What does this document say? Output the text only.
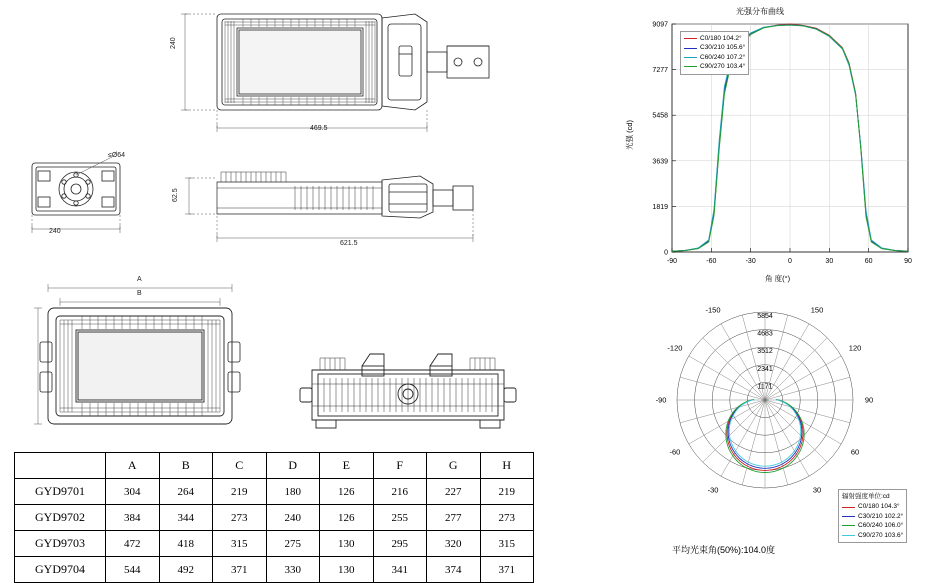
240
469.5
≤Ø64
240
62.5
621.5
A
B
	A	B	C	D	E	F	G	H
GYD9701	304	264	219	180	126	216	227	219
GYD9702	384	344	273	240	126	255	277	273
GYD9703	472	418	315	275	130	295	320	315
GYD9704	544	492	371	330	130	341	374	371
光强分布曲线
0
1819
3639
5458
7277
9097
-90	-60	-30	0	30	60	90
光强 (cd)
角 度(°)
C0/180 104.2°
C30/210 105.6°
C60/240 107.2°
C90/270 103.4°
1171
2341
3512
4683
5854
-150	150
-120	120
-90	90
-60	60
-30	30
辐射强度单位:cd
C0/180 104.3°
C30/210 102.2°
C60/240 106.0°
C90/270 103.6°
平均光束角(50%):104.0度
